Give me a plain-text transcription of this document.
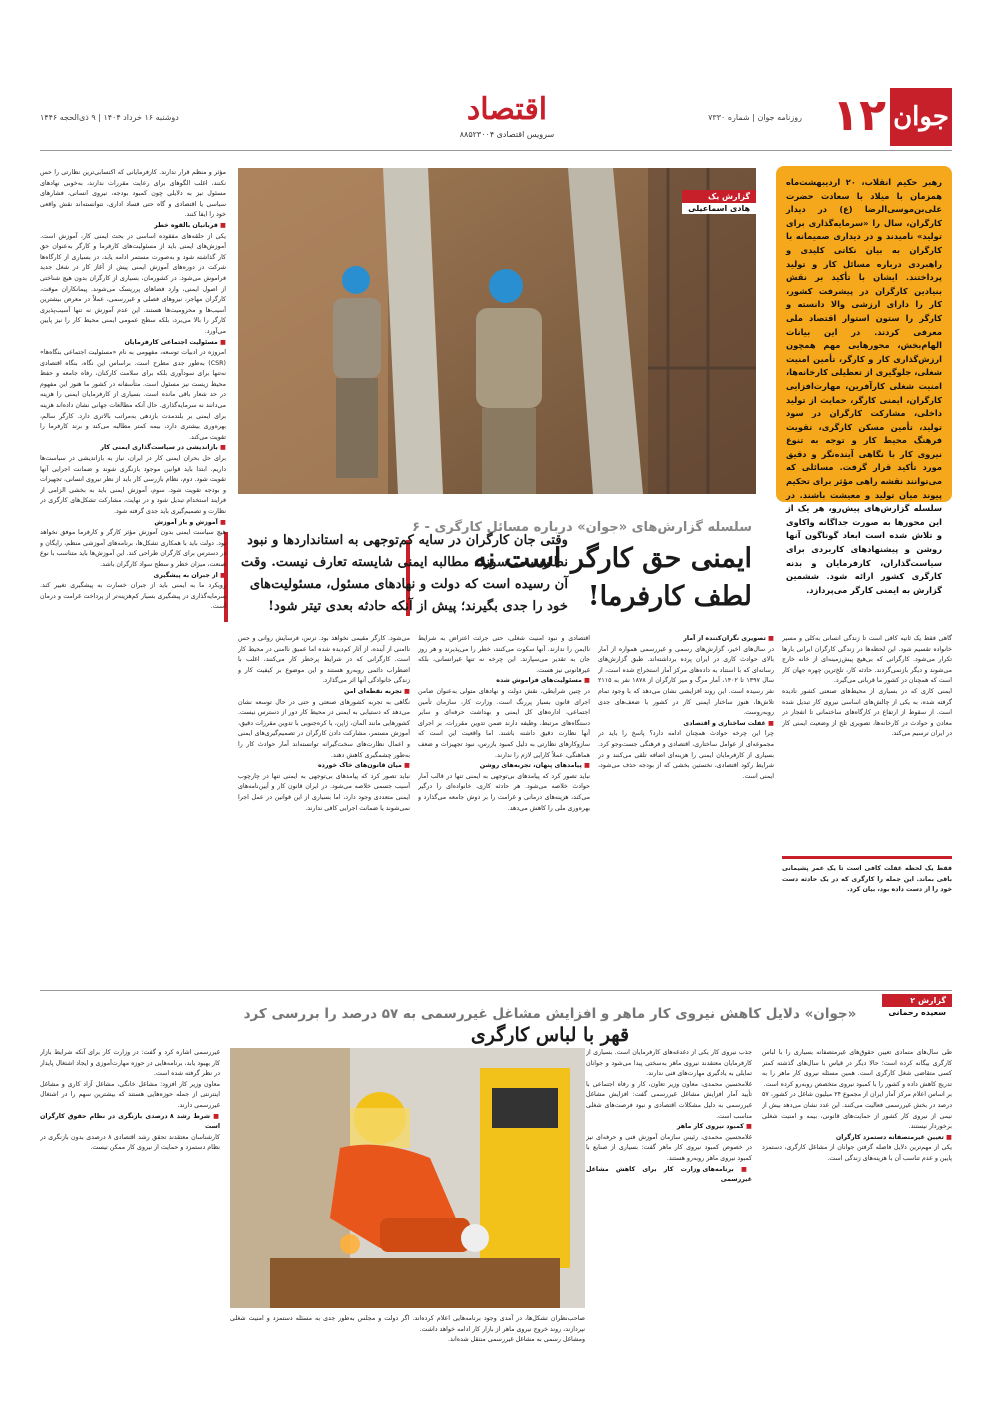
جوان
۱۲
روزنامه جوان | شماره ۷۳۳۰
اقتصاد
سرویس اقتصادی ۸۸۵۲۳۰۰۴
دوشنبه ۱۶ خرداد ۱۴۰۴ | ۹ ذی‌الحجه ۱۴۴۶

رهبر حکیم انقلاب، ۲۰ اردیبهشت‌ماه همزمان با میلاد با سعادت حضرت علی‌بن‌موسی‌الرضا (ع) در دیدار کارگران، سال را «سرمایه‌گذاری برای تولید» نامیدند و در دیداری صمیمانه با کارگران به بیان نکاتی کلیدی و راهبردی درباره مسائل کار و تولید پرداختند. ایشان با تأکید بر نقش بنیادین کارگران در پیشرفت کشور، کار را دارای ارزشی والا دانسته و کارگر را ستون استوار اقتصاد ملی معرفی کردند. در این بیانات الهام‌بخش، محورهایی مهم همچون ارزش‌گذاری کار و کارگر، تأمین امنیت شغلی، جلوگیری از تعطیلی کارخانه‌ها، امنیت شغلی کارآفرین، مهارت‌افزایی کارگران، ایمنی کارگر، حمایت از تولید داخلی، مشارکت کارگران در سود تولید، تأمین مسکن کارگری، تقویت فرهنگ محیط کار و توجه به تنوع نیروی کار با نگاهی آینده‌نگر و دقیق مورد تأکید قرار گرفت. مسائلی که می‌توانند نقشه راهی مؤثر برای تحکیم پیوند میان تولید و معیشت باشند. در سلسله گزارش‌های پیش‌رو، هر یک از این محورها به صورت جداگانه واکاوی و تلاش شده است ابعاد گوناگون آنها روشن و پیشنهادهای کاربردی برای سیاست‌گذاران، کارفرمایان و بدنه کارگری کشور ارائه شود. ششمین گزارش به ایمنی کارگر می‌پردازد.

گزارش یک
هادی اسماعیلی
سلسله گزارش‌های «جوان» درباره مسائل کارگری - ۶
ایمنی حق کارگر است نه لطف کارفرما!

وقتی جان کارگران در سایه کم‌توجهی به استانداردها و نبود نظارت می‌سوزد، مطالبه ایمنی شایسته تعارف نیست. وقت آن رسیده است که دولت و نهادهای مسئول، مسئولیت‌های خود را جدی بگیرند؛ پیش از آنکه حادثه بعدی تیتر شود!

مؤثر و منظم قرار ندارند. کارفرمایانی که اکتسابی‌ترین نظارتی را حس نکنند، اغلب الگوهای برای رعایت مقررات ندارند، به‌خوبی نهادهای مسئول نیز به دلایلی چون کمبود بودجه، نیروی انسانی، فشارهای سیاسی یا اقتصادی و گاه حتی فساد اداری، نتوانسته‌اند نقش واقعی خود را ایفا کنند.

■ قربانیان بالقوه خطر

یکی از حلقه‌های مفقوده اساسی در بحث ایمنی کار، آموزش است. آموزش‌های ایمنی باید از مسئولیت‌های کارفرما و کارگر به‌عنوان حق کار گذاشته شود و به‌صورت مستمر ادامه یابد، در بسیاری از کارگاه‌ها شرکت در دوره‌های آموزش ایمنی پیش از آغاز کار در شغل جدید فراموش می‌شود. در کشورمان، بسیاری از کارگران بدون هیچ شناختی از اصول ایمنی، وارد فضاهای پرریسک می‌شوند. پیمانکاران موقت، کارگران مهاجر، نیروهای فصلی و غیررسمی، عملاً در معرض بیشترین آسیب‌ها و محرومیت‌ها هستند. این عدم آموزش نه تنها آسیب‌پذیری کارگر را بالا می‌برد، بلکه سطح عمومی ایمنی محیط کار را نیز پایین می‌آورد.

■ مسئولیت اجتماعی کارفرمایان

امروزه در ادبیات توسعه، مفهومی به نام «مسئولیت اجتماعی بنگاه‌ها» (CSR) به‌طور جدی مطرح است. براساس این نگاه، بنگاه اقتصادی نه‌تنها برای سودآوری بلکه برای سلامت کارکنان، رفاه جامعه و حفظ محیط زیست نیز مسئول است. متأسفانه در کشور ما هنوز این مفهوم در حد شعار باقی مانده است. بسیاری از کارفرمایان ایمنی را هزینه می‌دانند نه سرمایه‌گذاری. حال آنکه مطالعات جهانی نشان داده‌اند هزینه برای ایمنی بر بلندمدت بازدهی به‌مراتب بالاتری دارد. کارگر سالم، بهره‌وری بیشتری دارد، بیمه کمتر مطالبه می‌کند و برند کارفرما را تقویت می‌کند.

■ بازاندیشی در سیاست‌گذاری ایمنی کار

برای حل بحران ایمنی کار در ایران، نیاز به بازاندیشی در سیاست‌ها داریم. ابتدا باید قوانین موجود بازنگری شوند و ضمانت اجرایی آنها تقویت شود. دوم، نظام بازرسی کار باید از نظر نیروی انسانی، تجهیزات و بودجه تقویت شود. سوم، آموزش ایمنی باید به بخشی الزامی از فرایند استخدام تبدیل شود و در نهایت، مشارکت تشکل‌های کارگری در نظارت و تصمیم‌گیری باید جدی گرفته شود.

■ آموزش و باز آموزش

هیچ سیاست ایمنی بدون آموزش مؤثر کارگر و کارفرما موفق نخواهد بود. دولت باید با همکاری تشکل‌ها، برنامه‌های آموزشی منظم، رایگان و در دسترس برای کارگران طراحی کند. این آموزش‌ها باید متناسب با نوع صنعت، میزان خطر و سطح سواد کارگران باشد.

■ از جبران به پیشگیری

رویکرد ما به ایمنی باید از جبران خسارت به پیشگیری تغییر کند. سرمایه‌گذاری در پیشگیری بسیار کم‌هزینه‌تر از پرداخت غرامت و درمان است.

می‌شود. کارگر مقیمی نخواهد بود. ترس، فرسایش روانی و حس ناامنی از آینده، از آثار کم‌دیده‌ شده اما عمیق ناامنی در محیط کار است. کارگرانی که در شرایط پرخطر کار می‌کنند، اغلب با اضطراب دائمی روبه‌رو هستند و این موضوع بر کیفیت کار و زندگی خانوادگی آنها اثر می‌گذارد.

■ تجربه نقطه‌ای امن

نگاهی به تجربه کشورهای صنعتی و حتی در حال توسعه نشان می‌دهد که دستیابی به ایمنی در محیط کار دور از دسترس نیست. کشورهایی مانند آلمان، ژاپن، یا کره‌جنوبی با تدوین مقررات دقیق، آموزش مستمر، مشارکت دادن کارگران در تصمیم‌گیری‌های ایمنی و اعمال نظارت‌های سخت‌گیرانه توانسته‌اند آمار حوادث کار را به‌طور چشمگیری کاهش دهند.

■ میان قانون‌های خاک خورده

نباید تصور کرد که پیامدهای بی‌توجهی به ایمنی تنها در چارچوب آسیب جسمی خلاصه می‌شود. در ایران قانون کار و آیین‌نامه‌های ایمنی متعددی وجود دارد، اما بسیاری از این قوانین در عمل اجرا نمی‌شوند یا ضمانت اجرایی کافی ندارند.

اقتصادی و نبود امنیت شغلی، حتی جرئت اعتراض به شرایط ناایمن را ندارند. آنها سکوت می‌کنند، خطر را می‌پذیرند و هر روز جان به تقدیر می‌سپارند. این چرخه نه تنها غیرانسانی، بلکه غیرقانونی نیز هست.

■ مسئولیت‌های فراموش شده

در چنین شرایطی، نقش دولت و نهادهای متولی به‌عنوان ضامن اجرای قانون بسیار پررنگ است. وزارت کار، سازمان تأمین اجتماعی، اداره‌های کل ایمنی و بهداشت حرفه‌ای و سایر دستگاه‌های مرتبط، وظیفه دارند ضمن تدوین مقررات، بر اجرای آنها نظارت دقیق داشته باشند. اما واقعیت این است که سازوکارهای نظارتی به دلیل کمبود بازرس، نبود تجهیزات و ضعف هماهنگی، عملاً کارایی لازم را ندارند.

■ پیامدهای پنهان، تجربه‌های روشن

نباید تصور کرد که پیامدهای بی‌توجهی به ایمنی تنها در قالب آمار حوادث خلاصه می‌شود. هر حادثه کاری، خانواده‌ای را درگیر می‌کند، هزینه‌های درمانی و غرامت را بر دوش جامعه می‌گذارد و بهره‌وری ملی را کاهش می‌دهد.

■ تصویری نگران‌کننده از آمار

در سال‌های اخیر، گزارش‌های رسمی و غیررسمی همواره از آمار بالای حوادث کاری در ایران پرده برداشته‌اند. طبق گزارش‌های رسانه‌ای که با استناد به داده‌های مرکز آمار استخراج شده است، از سال ۱۳۹۷ تا ۱۴۰۲، آمار مرگ و میر کارگران از ۱۸۷۸ نفر به ۲۱۱۵ نفر رسیده است. این روند افزایشی نشان می‌دهد که با وجود تمام تلاش‌ها، هنوز ساختار ایمنی کار در کشور با ضعف‌های جدی روبه‌روست.

■ غفلت ساختاری و اقتصادی

چرا این چرخه حوادث همچنان ادامه دارد؟ پاسخ را باید در مجموعه‌ای از عوامل ساختاری، اقتصادی و فرهنگی جست‌وجو کرد. بسیاری از کارفرمایان ایمنی را هزینه‌ای اضافه تلقی می‌کنند و در شرایط رکود اقتصادی، نخستین بخشی که از بودجه حذف می‌شود، ایمنی است.

گاهی فقط یک ثانیه کافی است تا زندگی انسانی به‌کلی و مسیر خانواده تقسیم شود. این لحظه‌ها در زندگی کارگران ایرانی بارها تکرار می‌شود. کارگرانی که بی‌هیچ پیش‌زمینه‌ای از خانه خارج می‌شوند و دیگر بازنمی‌گردند. حادثه کار، تلخ‌ترین چهره جهان کار است که همچنان در کشور ما قربانی می‌گیرد.

ایمنی کاری که در بسیاری از محیط‌های صنعتی کشور نادیده گرفته شده، به یکی از چالش‌های اساسی نیروی کار تبدیل شده است. از سقوط از ارتفاع در کارگاه‌های ساختمانی تا انفجار در معادن و حوادث در کارخانه‌ها، تصویری تلخ از وضعیت ایمنی کار در ایران ترسیم می‌کند.

فقط یک لحظه غفلت کافی است تا یک عمر پشیمانی باقی بماند. این جمله را کارگری که در یک حادثه دست خود را از دست داده بود، بیان کرد.

گزارش ۲
سعیده رحمانی
«جوان» دلایل کاهش نیروی کار ماهر و افزایش مشاغل غیررسمی به ۵۷ درصد را بررسی کرد
قهر با لباس کارگری

طی سال‌های متمادی تعیین حقوق‌های غیرمتصفانه بسیاری را با لباس کارگری بیگانه کرده است؛ حالا دیگر در قیاس با سال‌های گذشته کمتر کسی متقاضی شغل کارگری است. همین مسئله نیروی کار ماهر را به تدریج کاهش داده و کشور را با کمبود نیروی متخصص روبه‌رو کرده است.

بر اساس اعلام مرکز آمار ایران از مجموع ۲۴ میلیون شاغل در کشور، ۵۷ درصد در بخش غیررسمی فعالیت می‌کنند. این عدد نشان می‌دهد بیش از نیمی از نیروی کار کشور از حمایت‌های قانونی، بیمه و امنیت شغلی برخوردار نیستند.

■ تعیین غیرمتصفانه دستمزد کارگران

یکی از مهم‌ترین دلایل فاصله گرفتن جوانان از مشاغل کارگری، دستمزد پایین و عدم تناسب آن با هزینه‌های زندگی است.

جذب نیروی کار یکی از دغدغه‌های کارفرمایان است. بسیاری از کارفرمایان معتقدند نیروی ماهر به‌سختی پیدا می‌شود و جوانان تمایلی به یادگیری مهارت‌های فنی ندارند.

غلامحسین محمدی، معاون وزیر تعاون، کار و رفاه اجتماعی با تأیید آمار افزایش مشاغل غیررسمی گفت: افزایش مشاغل غیررسمی به دلیل مشکلات اقتصادی و نبود فرصت‌های شغلی مناسب است.

■ کمبود نیروی کار ماهر

غلامحسین محمدی، رئیس سازمان آموزش فنی و حرفه‌ای نیز در خصوص کمبود نیروی کار ماهر گفت: بسیاری از صنایع با کمبود نیروی ماهر روبه‌رو هستند.

■ برنامه‌های وزارت کار برای کاهش مشاغل غیررسمی

غیررسمی اشاره کرد و گفت: در وزارت کار برای آنکه شرایط بازار کار بهبود یابد، برنامه‌هایی در حوزه مهارت‌آموزی و ایجاد اشتغال پایدار در نظر گرفته شده است.

معاون وزیر کار افزود: مشاغل خانگی، مشاغل آزاد کاری و مشاغل اینترنتی از جمله حوزه‌هایی هستند که بیشترین سهم را در اشتغال غیررسمی دارند.

■ شرط رشد ۸ درصدی بازنگری در نظام حقوق کارگران است

کارشناسان معتقدند تحقق رشد اقتصادی ۸ درصدی بدون بازنگری در نظام دستمزد و حمایت از نیروی کار ممکن نیست.

صاحب‌نظران تشکل‌ها، در آمدی وجود برنامه‌هایی اعلام کرده‌اند. اگر دولت و مجلس به‌طور جدی به مسئله دستمزد و امنیت شغلی نپردازند، روند خروج نیروی ماهر از بازار کار ادامه خواهد داشت.

ومشاغل رسمی به مشاغل غیررسمی منتقل شده‌اند.
